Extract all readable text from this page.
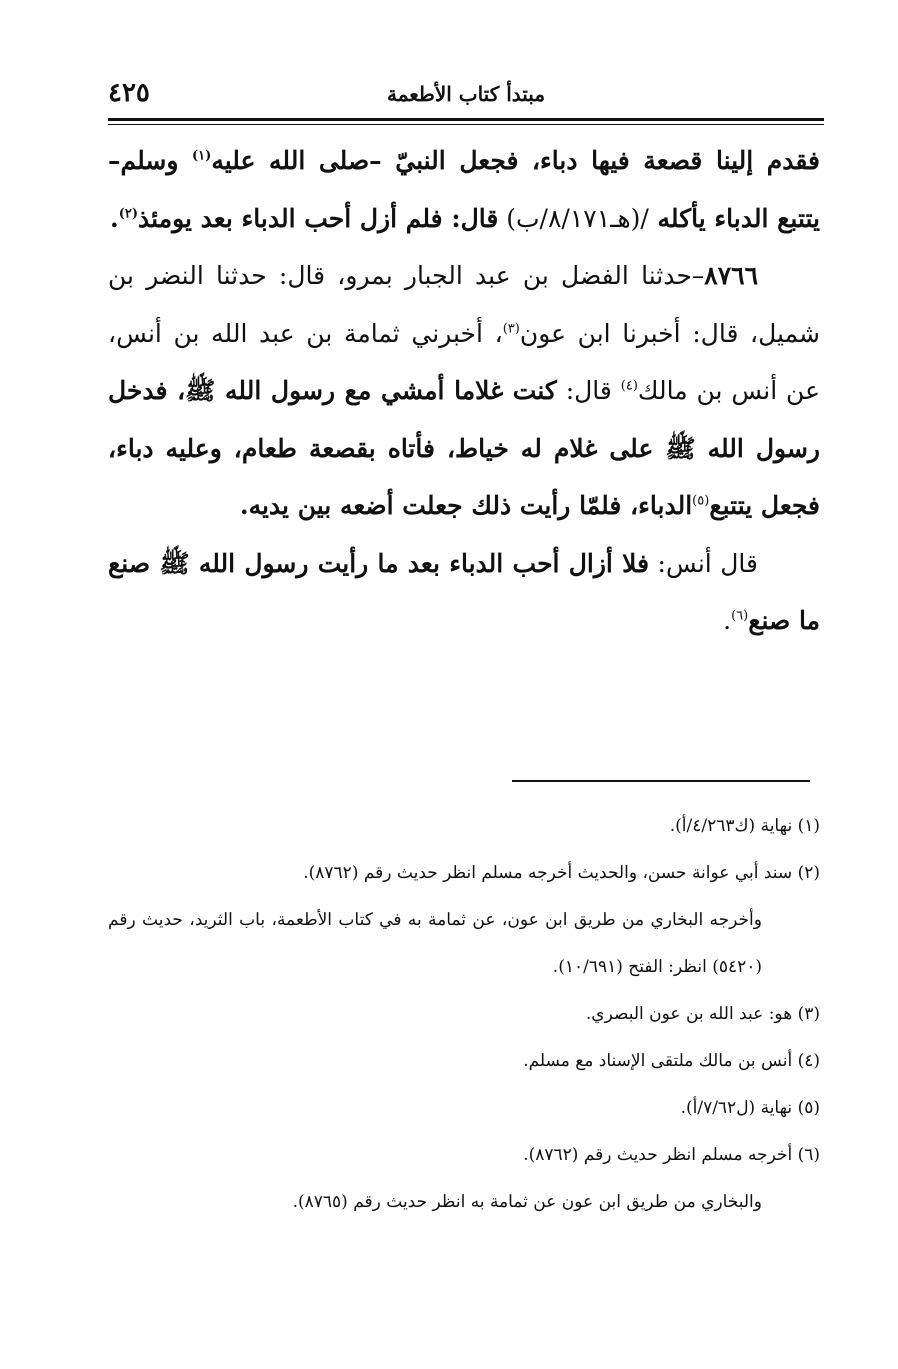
مبتدأ كتاب الأطعمة
٤٢٥

فقدم إلينا قصعة فيها دباء، فجعل النبيّ –صلى الله عليه$^{(١)}$ وسلم– يتتبع الدباء يأكله /(هـ٨/١٧١/ب) قال: فلم أزل أحب الدباء بعد يومئذ$^{(٢)}$.

٨٧٦٦–حدثنا الفضل بن عبد الجبار بمرو، قال: حدثنا النضر بن شميل، قال: أخبرنا ابن عون$^{(٣)}$، أخبرني ثمامة بن عبد الله بن أنس، عن أنس بن مالك$^{(٤)}$ قال: كنت غلاما أمشي مع رسول الله ﷺ، فدخل رسول الله ﷺ على غلام له خياط، فأتاه بقصعة طعام، وعليه دباء، فجعل يتتبع$^{(٥)}$الدباء، فلمّا رأيت ذلك جعلت أضعه بين يديه.

قال أنس: فلا أزال أحب الدباء بعد ما رأيت رسول الله ﷺ صنع ما صنع$^{(٦)}$.

(١) نهاية (ك٤/٢٦٣/أ).

(٢) سند أبي عوانة حسن، والحديث أخرجه مسلم انظر حديث رقم (٨٧٦٢).

وأخرجه البخاري من طريق ابن عون، عن ثمامة به في كتاب الأطعمة، باب الثريد، حديث رقم (٥٤٢٠) انظر: الفتح (١٠/٦٩١).

(٣) هو: عبد الله بن عون البصري.

(٤) أنس بن مالك ملتقى الإسناد مع مسلم.

(٥) نهاية (ل٧/٦٢/أ).

(٦) أخرجه مسلم انظر حديث رقم (٨٧٦٢).

والبخاري من طريق ابن عون عن ثمامة به انظر حديث رقم (٨٧٦٥).
